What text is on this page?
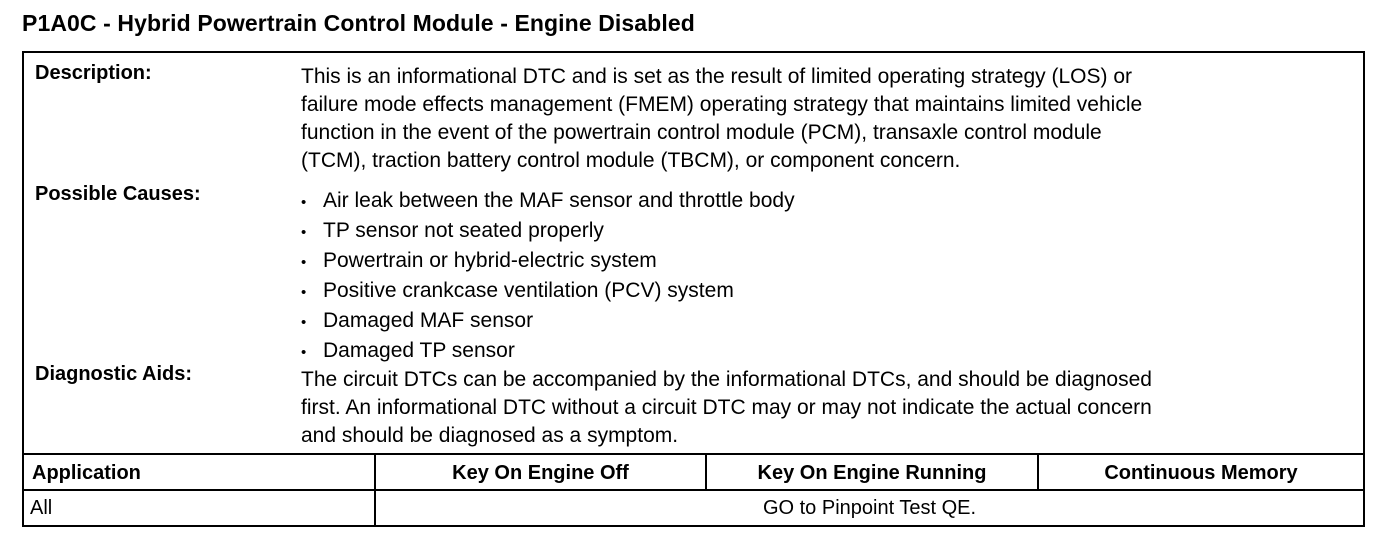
P1A0C - Hybrid Powertrain Control Module - Engine Disabled
Description:	This is an informational DTC and is set as the result of limited operating strategy (LOS) or
failure mode effects management (FMEM) operating strategy that maintains limited vehicle
function in the event of the powertrain control module (PCM), transaxle control module
(TCM), traction battery control module (TBCM), or component concern.
Possible Causes:
•	Air leak between the MAF sensor and throttle body
• TP sensor not seated properly
• Powertrain or hybrid-electric system
• Positive crankcase ventilation (PCV) system
• Damaged MAF sensor
• Damaged TP sensor
Diagnostic Aids:	The circuit DTCs can be accompanied by the informational DTCs, and should be diagnosed
first. An informational DTC without a circuit DTC may or may not indicate the actual concern
and should be diagnosed as a symptom.
Application	Key On Engine Off	Key On Engine Running	Continuous Memory
All	GO to Pinpoint Test QE.
